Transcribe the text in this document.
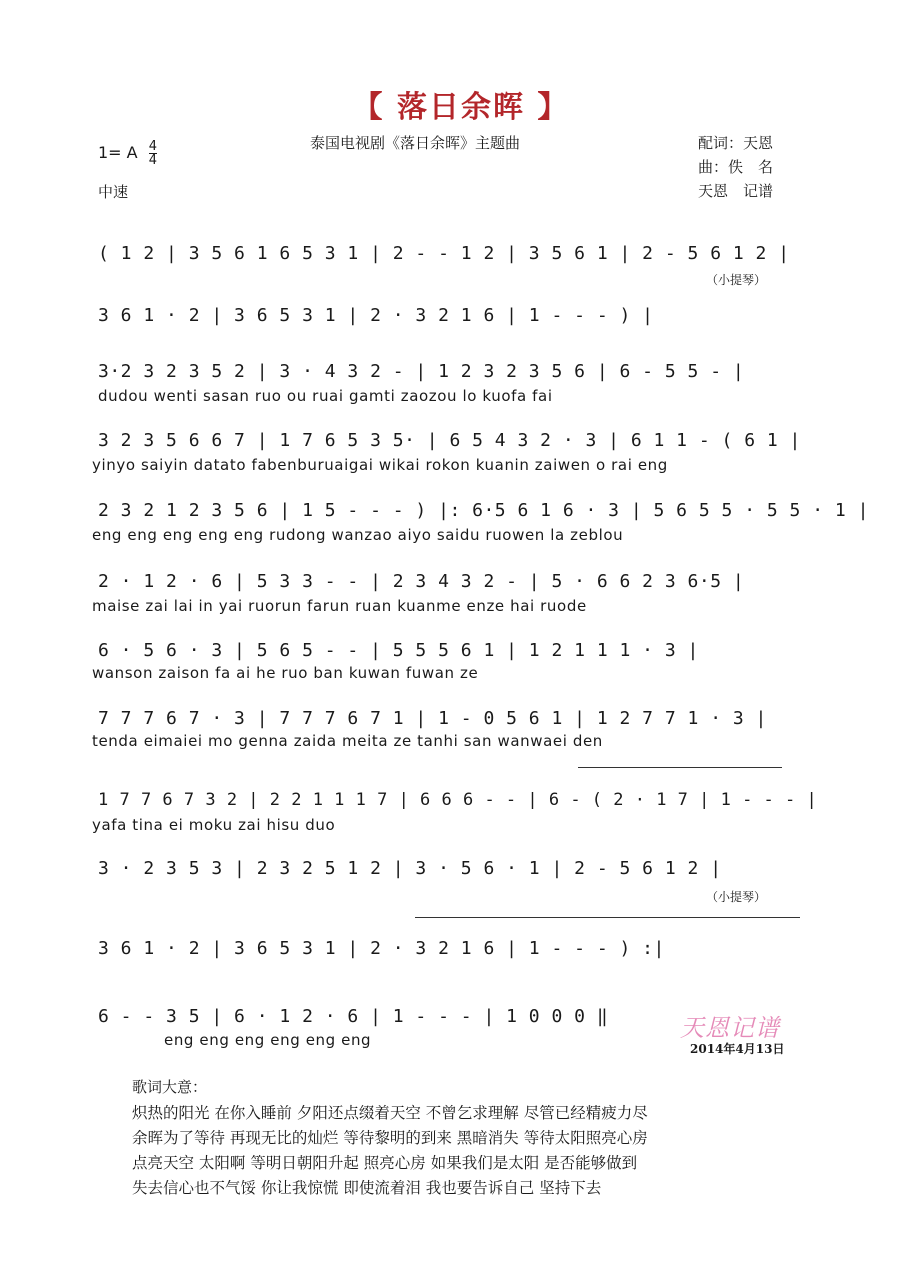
【 落日余晖 】
泰国电视剧《落日余晖》主题曲	配词：天恩
曲：佚　名
天恩　记谱
1= A $\frac{4}{4}$
中速
( 1 2 | 3 5 6 1 6 5 3 1 | 2 - - 1 2 | 3 5 6 1 | 2 - 5 6 1 2 |
（小提琴）
3 6 1 · 2 | 3 6 5 3 1 | 2 · 3 2 1 6 | 1 - - - ) |
3·2 3 2 3 5 2 | 3 · 4 3 2 - | 1 2 3 2 3 5 6 | 6 - 5 5 - |
dudou wenti sasan ruo ou ruai gamti zaozou lo kuofa fai
3 2 3 5 6 6 7 | 1 7 6 5 3 5· | 6 5 4 3 2 · 3 | 6 1 1 - ( 6 1 |
yinyo saiyin datato fabenburuaigai wikai rokon kuanin zaiwen o rai eng
2 3 2 1 2 3 5 6 | 1 5 - - - ) |: 6·5 6 1 6 · 3 | 5 6 5 5 · 5 5 · 1 |
eng eng eng eng eng rudong wanzao aiyo saidu ruowen la zeblou
2 · 1 2 · 6 | 5 3 3 - - | 2 3 4 3 2 - | 5 · 6 6 2 3 6·5 |
maise zai lai in yai ruorun farun ruan kuanme enze hai ruode
6 · 5 6 · 3 | 5 6 5 - - | 5 5 5 6 1 | 1 2 1 1 1 · 3 |
wanson zaison fa ai he ruo ban kuwan fuwan ze
7 7 7 6 7 · 3 | 7 7 7 6 7 1 | 1 - 0 5 6 1 | 1 2 7 7 1 · 3 |
tenda eimaiei mo genna zaida meita ze tanhi san wanwaei den
1 7 7 6 7 3 2 | 2 2 1 1 1 7 | 6 6 6 - - | 6 - ( 2 · 1 7 | 1 - - - |
yafa tina ei moku zai hisu duo
3 · 2 3 5 3 | 2 3 2 5 1 2 | 3 · 5 6 · 1 | 2 - 5 6 1 2 |
（小提琴）
3 6 1 · 2 | 3 6 5 3 1 | 2 · 3 2 1 6 | 1 - - - ) :|
6 - - 3 5 | 6 · 1 2 · 6 | 1 - - - | 1 0 0 0 ‖
eng eng eng eng eng eng	天恩记谱
2014年4月13日
歌词大意：
炽热的阳光 在你入睡前 夕阳还点缀着天空 不曾乞求理解 尽管已经精疲力尽
余晖为了等待 再现无比的灿烂 等待黎明的到来 黑暗消失 等待太阳照亮心房
点亮天空 太阳啊 等明日朝阳升起 照亮心房 如果我们是太阳 是否能够做到
失去信心也不气馁 你让我惊慌 即使流着泪 我也要告诉自己 坚持下去
